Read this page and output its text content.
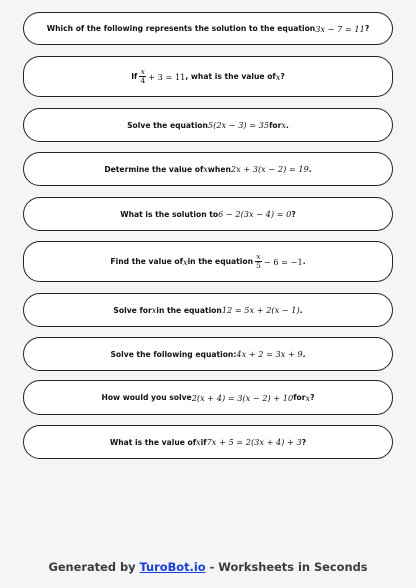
Which of the following represents the solution to the equation 3x − 7 = 11 ?
If $\frac{x}{4} + 3 = 11$ , what is the value of x ?
Solve the equation 5(2x − 3) = 35 for x .
Determine the value of x when 2x + 3(x − 2) = 19 .
What is the solution to 6 − 2(3x − 4) = 0 ?
Find the value of x in the equation $\frac{x}{5} - 6 = -1$ .
Solve for x in the equation 12 = 5x + 2(x − 1) .
Solve the following equation: 4x + 2 = 3x + 9 .
How would you solve 2(x + 4) = 3(x − 2) + 10 for x ?
What is the value of x if 7x + 5 = 2(3x + 4) + 3 ?
Generated by TuroBot.io - Worksheets in Seconds
